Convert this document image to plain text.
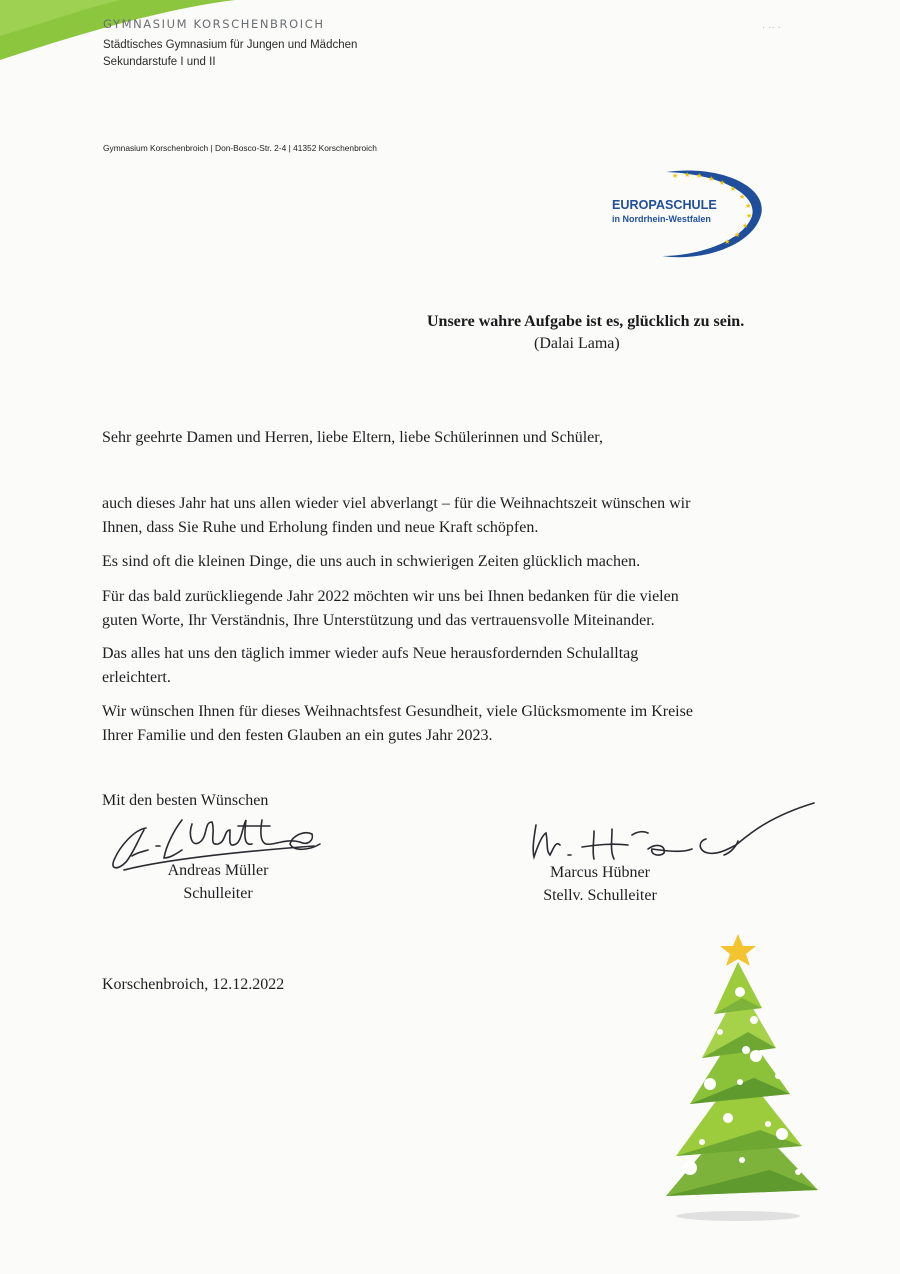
GYMNASIUM KORSCHENBROICH

Städtisches Gymnasium für Jungen und Mädchen

Sekundarstufe I und II

Gymnasium Korschenbroich | Don-Bosco-Str. 2-4 | 41352 Korschenbroich

· ·· ·
★ ★ ★ ★ ★
★
★
★
★
★
★
★

EUROPASCHULE

in Nordrhein-Westfalen

Unsere wahre Aufgabe ist es, glücklich zu sein.

(Dalai Lama)

Sehr geehrte Damen und Herren, liebe Eltern, liebe Schülerinnen und Schüler,

auch dieses Jahr hat uns allen wieder viel abverlangt – für die Weihnachtszeit wünschen wir
Ihnen, dass Sie Ruhe und Erholung finden und neue Kraft schöpfen.

Es sind oft die kleinen Dinge, die uns auch in schwierigen Zeiten glücklich machen.

Für das bald zurückliegende Jahr 2022 möchten wir uns bei Ihnen bedanken für die vielen
guten Worte, Ihr Verständnis, Ihre Unterstützung und das vertrauensvolle Miteinander.

Das alles hat uns den täglich immer wieder aufs Neue herausfordernden Schulalltag
erleichtert.

Wir wünschen Ihnen für dieses Weihnachtsfest Gesundheit, viele Glücksmomente im Kreise
Ihrer Familie und den festen Glauben an ein gutes Jahr 2023.

Mit den besten Wünschen

Andreas Müller

Schulleiter

Marcus Hübner

Stellv. Schulleiter

Korschenbroich, 12.12.2022
